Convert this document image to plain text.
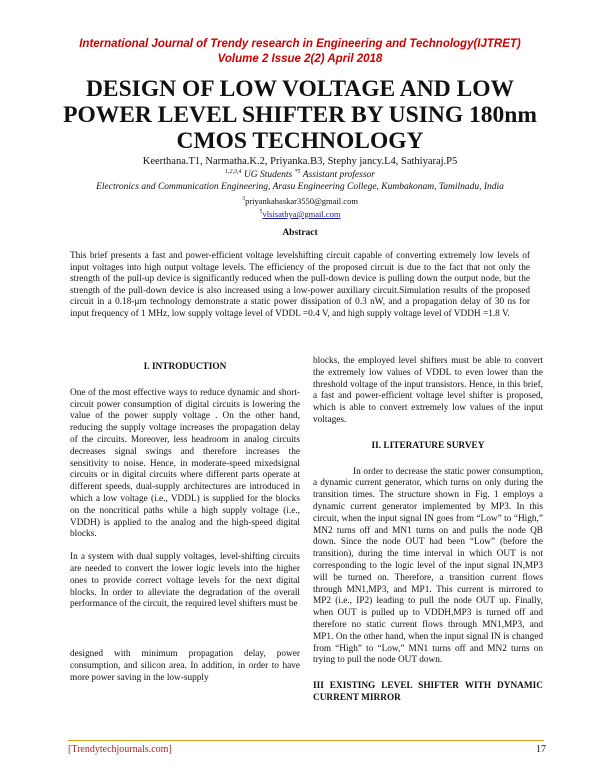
International Journal of Trendy research in Engineering and Technology(IJTRET)
Volume 2 Issue 2(2) April 2018
DESIGN OF LOW VOLTAGE AND LOW POWER LEVEL SHIFTER BY USING 180nm CMOS TECHNOLOGY
Keerthana.T1, Narmatha.K.2, Priyanka.B3, Stephy jancy.L4, Sathiyaraj.P5
$^{1,2,3,4}$ UG Students $^{*5}$ Assistant professor
Electronics and Communication Engineering, Arasu Engineering College, Kumbakonam, Tamilnadu, India
$^3$priyankabaskar3550@gmail.com
$^5$vlsisathya@gmail.com
Abstract
This brief presents a fast and power-efficient voltage levelshifting circuit capable of converting extremely low levels of input voltages into high output voltage levels. The efficiency of the proposed circuit is due to the fact that not only the strength of the pull-up device is significantly reduced when the pull-down device is pulling down the output node, but the strength of the pull-down device is also increased using a low-power auxiliary circuit.Simulation results of the proposed circuit in a 0.18-μm technology demonstrate a static power dissipation of 0.3 nW, and a propagation delay of 30 ns for input frequency of 1 MHz, low supply voltage level of VDDL =0.4 V, and high supply voltage level of VDDH =1.8 V.
I. INTRODUCTION
One of the most effective ways to reduce dynamic and short-circuit power consumption of digital circuits is lowering the value of the power supply voltage . On the other hand, reducing the supply voltage increases the propagation delay of the circuits. Moreover, less headroom in analog circuits decreases signal swings and therefore increases the sensitivity to noise. Hence, in moderate-speed mixedsignal circuits or in digital circuits where different parts operate at different speeds, dual-supply architectures are introduced in which a low voltage (i.e., VDDL) is supplied for the blocks on the noncritical paths while a high supply voltage (i.e., VDDH) is applied to the analog and the high-speed digital blocks.
In a system with dual supply voltages, level-shifting circuits are needed to convert the lower logic levels into the higher ones to provide correct voltage levels for the next digital blocks. In order to alleviate the degradation of the overall performance of the circuit, the required level shifters must be
designed with minimum propagation delay, power consumption, and silicon area. In addition, in order to have more power saving in the low-supply
blocks, the employed level shifters must be able to convert the extremely low values of VDDL to even lower than the threshold voltage of the input transistors. Hence, in this brief, a fast and power-efficient voltage level shifter is proposed, which is able to convert extremely low values of the input voltages.
II. LITERATURE SURVEY
In order to decrease the static power consumption, a dynamic current generator, which turns on only during the transition times. The structure shown in Fig. 1 employs a dynamic current generator implemented by MP3. In this circuit, when the input signal IN goes from “Low” to “High,” MN2 turns off and MN1 turns on and pulls the node QB down. Since the node OUT had been “Low” (before the transition), during the time interval in which OUT is not corresponding to the logic level of the input signal IN,MP3 will be turned on. Therefore, a transition current flows through MN1,MP3, and MP1. This current is mirrored to MP2 (i.e., IP2) leading to pull the node OUT up. Finally, when OUT is pulled up to VDDH,MP3 is turned off and therefore no static current flows through MN1,MP3, and MP1. On the other hand, when the input signal IN is changed from “High” to “Low,” MN1 turns off and MN2 turns on trying to pull the node OUT down.
III EXISTING LEVEL SHIFTER WITH DYNAMIC CURRENT MIRROR
[Trendytechjournals.com]	17
